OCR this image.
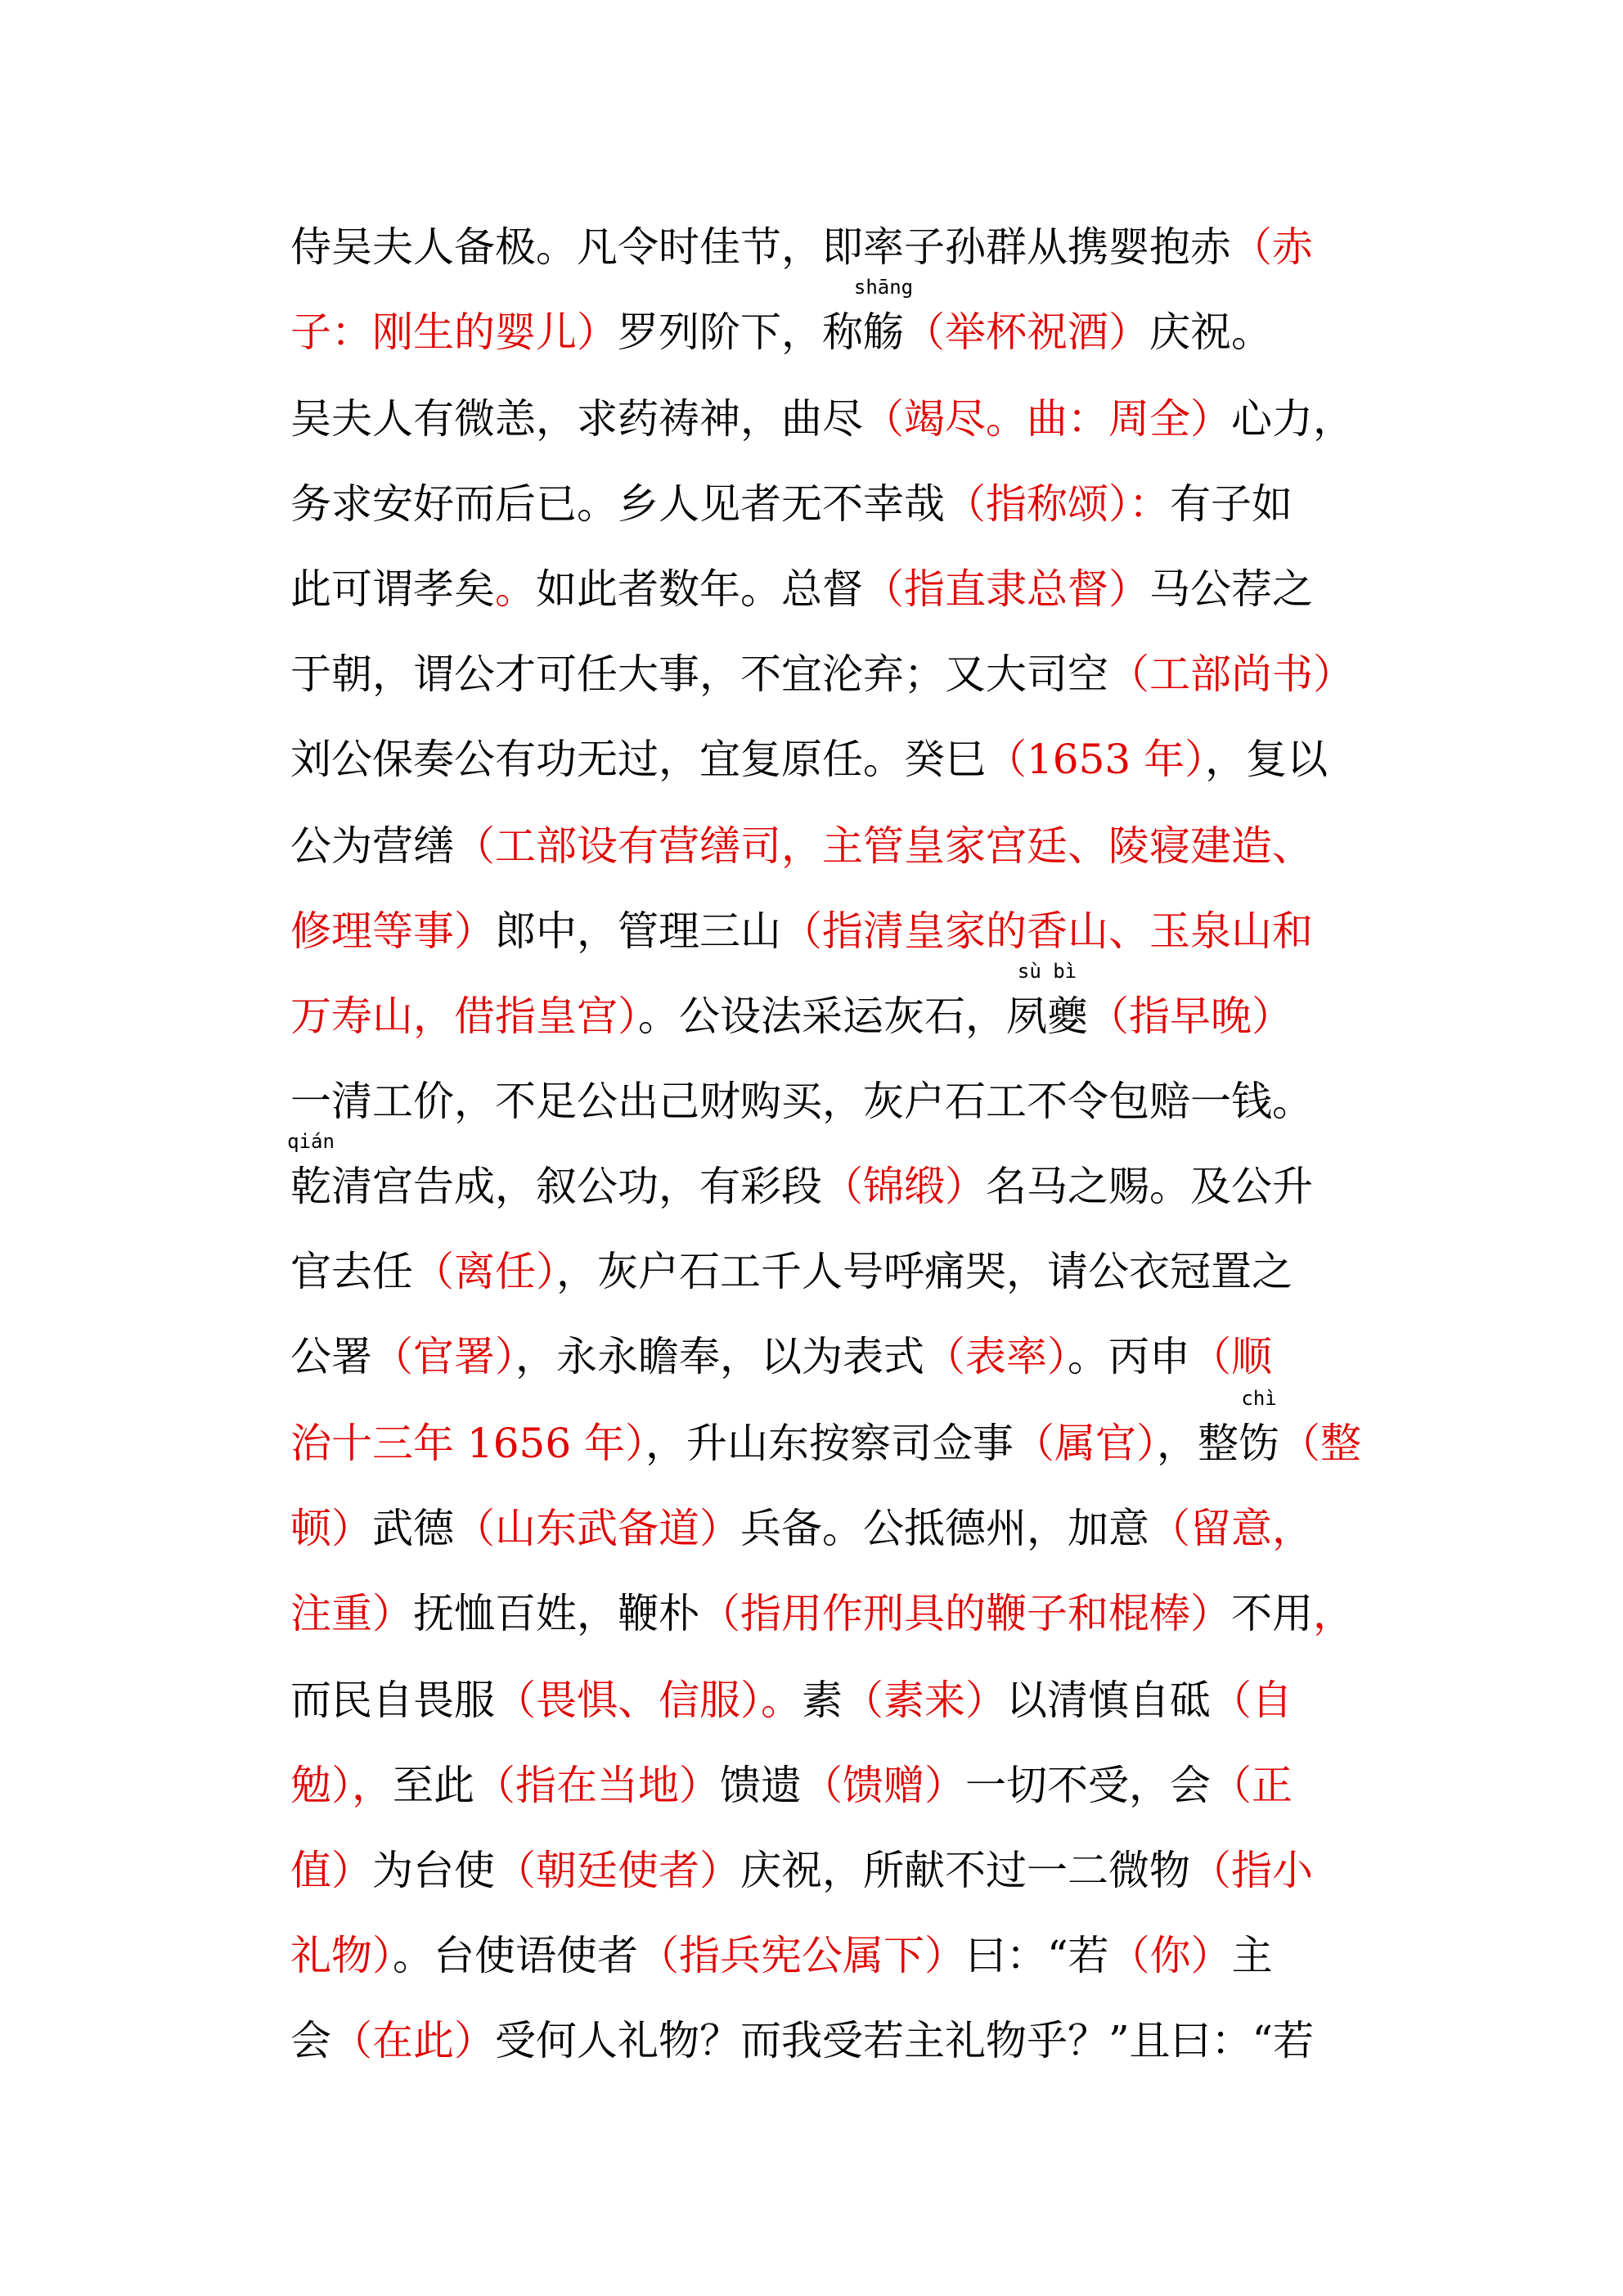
侍吴夫人备极。凡令时佳节，即率子孙群从携婴抱赤（赤
子：刚生的婴儿）罗列阶下，称
shāng
觞（举杯祝酒）庆祝。
吴夫人有微恙，求药祷神，曲尽（竭尽。曲：周全）心力，
务求安好而后已。乡人见者无不幸哉（指称颂）：有子如
此可谓孝矣。如此者数年。总督（指直隶总督）马公荐之
于朝，谓公才可任大事，不宜沦弃；又大司空（工部尚书）
刘公保奏公有功无过，宜复原任。癸巳（1653 年），复以
公为营缮（工部设有营缮司，主管皇家宫廷、陵寝建造、
修理等事）郎中，管理三山（指清皇家的香山、玉泉山和
万寿山，借指皇宫）。公设法采运灰石，
sù bì
夙夔（指早晚）
一清工价，不足公出己财购买，灰户石工不令包赔一钱。
qián
乾清宫告成，叙公功，有彩段（锦缎）名马之赐。及公升
官去任（离任），灰户石工千人号呼痛哭，请公衣冠置之
公署（官署），永永瞻奉，以为表式（表率）。丙申（顺
治十三年 1656 年），升山东按察司佥事（属官），整
chì
饬（整
顿）武德（山东武备道）兵备。公抵德州，加意（留意，
注重）抚恤百姓，鞭朴（指用作刑具的鞭子和棍棒）不用，
而民自畏服（畏惧、信服）。素（素来）以清慎自砥（自
勉），至此（指在当地）馈遗（馈赠）一切不受，会（正
值）为台使（朝廷使者）庆祝，所献不过一二微物（指小
礼物）。台使语使者（指兵宪公属下）曰：“若（你）主
会（在此）受何人礼物？而我受若主礼物乎？”且曰：“若
